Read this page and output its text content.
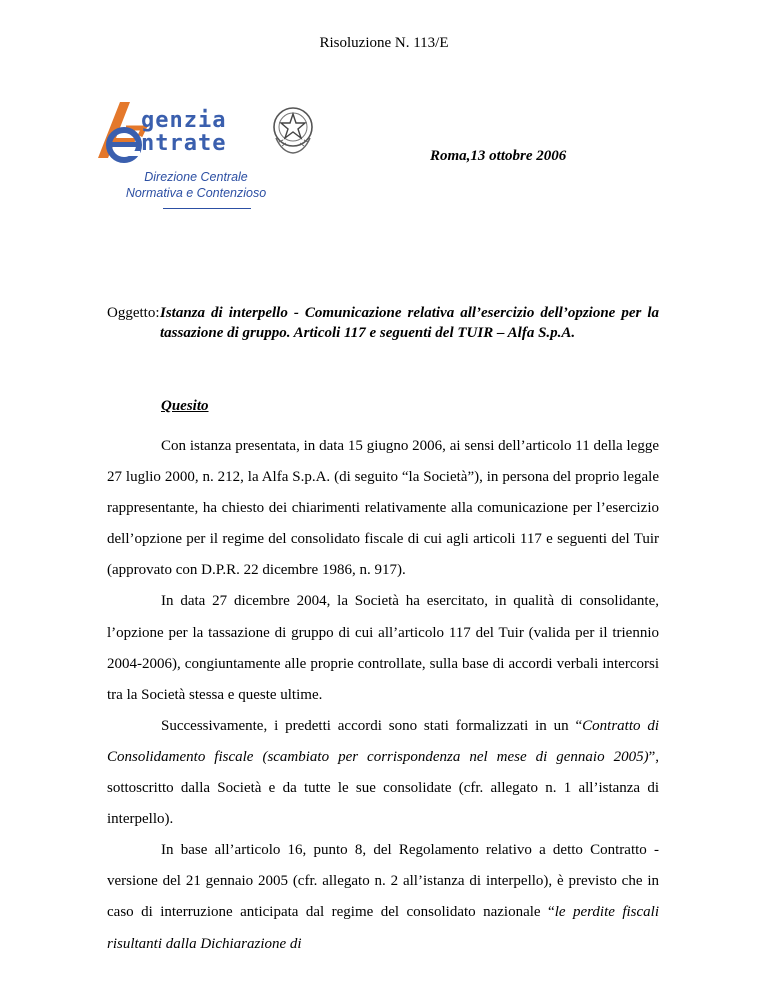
Risoluzione N. 113/E
genzia
ntrate
Direzione Centrale
Normativa e Contenzioso
Roma,13 ottobre 2006
Oggetto: Istanza di interpello - Comunicazione relativa all’esercizio dell’opzione per la tassazione di gruppo. Articoli 117 e seguenti del TUIR – Alfa S.p.A.
Quesito

Con istanza presentata, in data 15 giugno 2006, ai sensi dell’articolo 11 della legge 27 luglio 2000, n. 212, la Alfa S.p.A. (di seguito “la Società”), in persona del proprio legale rappresentante, ha chiesto dei chiarimenti relativamente alla comunicazione per l’esercizio dell’opzione per il regime del consolidato fiscale di cui agli articoli 117 e seguenti del Tuir (approvato con D.P.R. 22 dicembre 1986, n. 917).

In data 27 dicembre 2004, la Società ha esercitato, in qualità di consolidante, l’opzione per la tassazione di gruppo di cui all’articolo 117 del Tuir (valida per il triennio 2004-2006), congiuntamente alle proprie controllate, sulla base di accordi verbali intercorsi tra la Società stessa e queste ultime.

Successivamente, i predetti accordi sono stati formalizzati in un “Contratto di Consolidamento fiscale (scambiato per corrispondenza nel mese di gennaio 2005)”, sottoscritto dalla Società e da tutte le sue consolidate (cfr. allegato n. 1 all’istanza di interpello).

In base all’articolo 16, punto 8, del Regolamento relativo a detto Contratto - versione del 21 gennaio 2005 (cfr. allegato n. 2 all’istanza di interpello), è previsto che in caso di interruzione anticipata dal regime del consolidato nazionale “le perdite fiscali risultanti dalla Dichiarazione di
